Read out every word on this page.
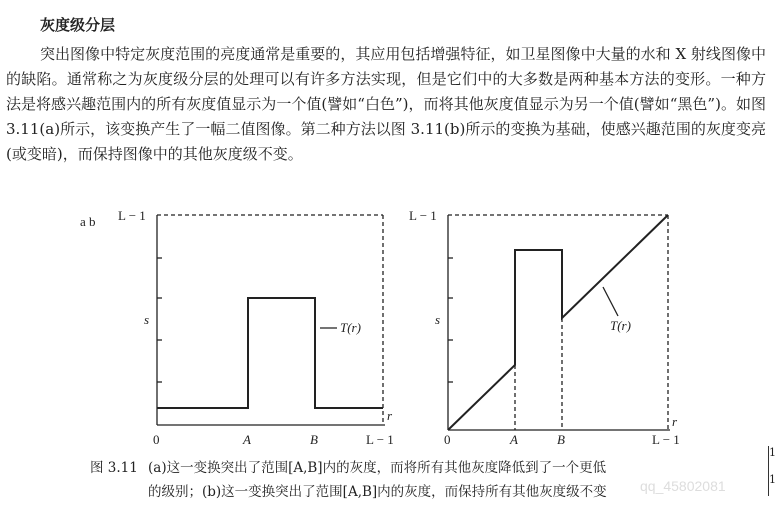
灰度级分层
突出图像中特定灰度范围的亮度通常是重要的，其应用包括增强特征，如卫星图像中大量的水和 X 射线图像中的缺陷。通常称之为灰度级分层的处理可以有许多方法实现，但是它们中的大多数是两种基本方法的变形。一种方法是将感兴趣范围内的所有灰度值显示为一个值(譬如“白色”)，而将其他灰度值显示为另一个值(譬如“黑色”)。如图 3.11(a)所示，该变换产生了一幅二值图像。第二种方法以图 3.11(b)所示的变换为基础，使感兴趣范围的灰度变亮(或变暗)，而保持图像中的其他灰度级不变。
a b L − 1
s
0	A	B	L − 1
r
T(r)
L − 1
s
0	A	B	L − 1
r
T(r)
图 3.11 (a)这一变换突出了范围[A,B]内的灰度，而将所有其他灰度降低到了一个更低
的级别；(b)这一变换突出了范围[A,B]内的灰度，而保持所有其他灰度级不变 qq_45802081
1
1
